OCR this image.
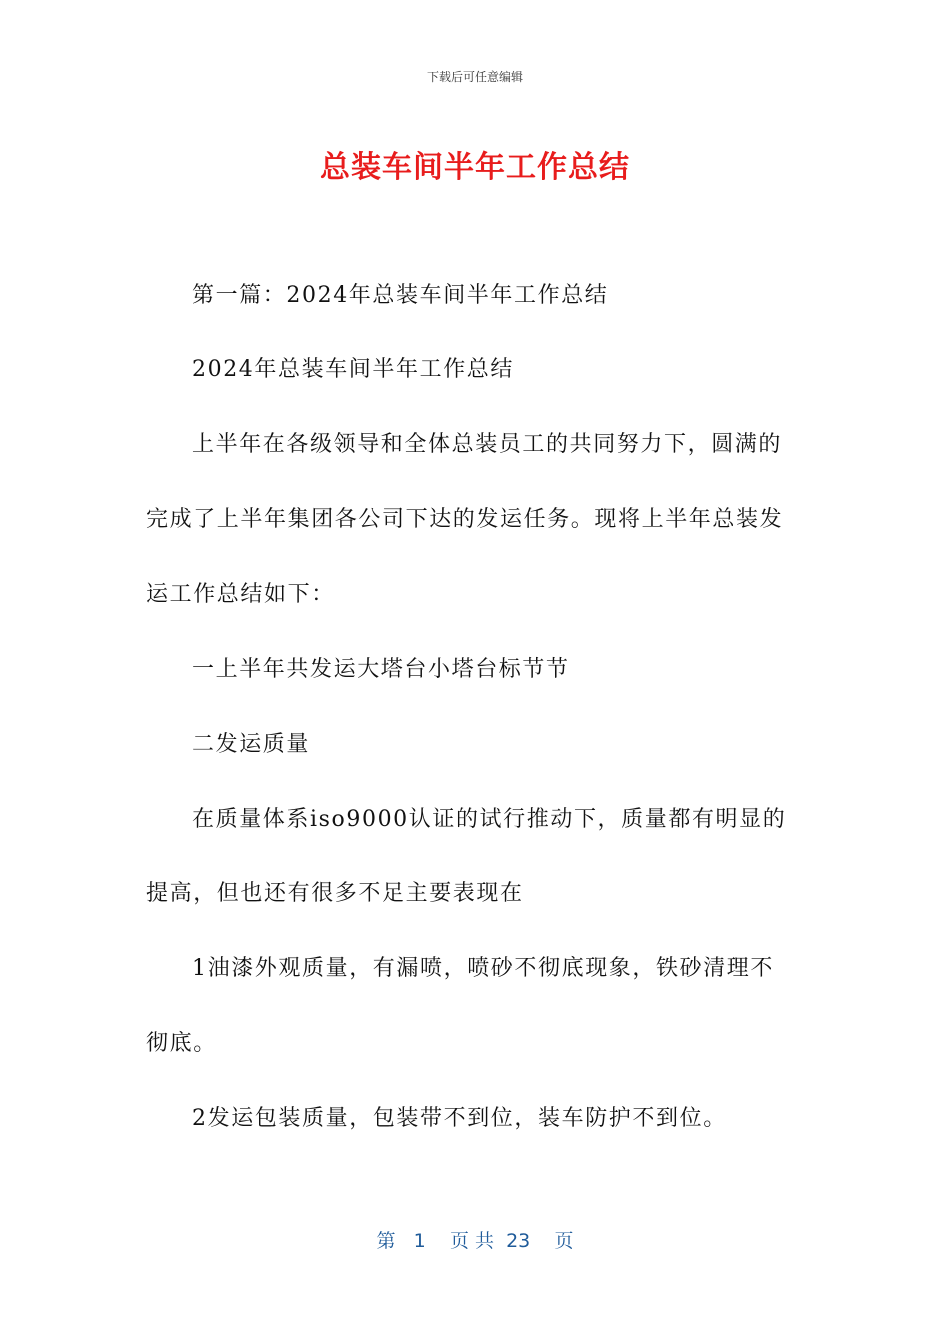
下载后可任意编辑
总装车间半年工作总结

第一篇：2024年总装车间半年工作总结

2024年总装车间半年工作总结

上半年在各级领导和全体总装员工的共同努力下，圆满的

完成了上半年集团各公司下达的发运任务。现将上半年总装发

运工作总结如下：

一上半年共发运大塔台小塔台标节节

二发运质量

在质量体系iso9000认证的试行推动下，质量都有明显的

提高，但也还有很多不足主要表现在

1油漆外观质量，有漏喷，喷砂不彻底现象，铁砂清理不

彻底。

2发运包装质量，包装带不到位，装车防护不到位。

第 1 页 共 23 页
